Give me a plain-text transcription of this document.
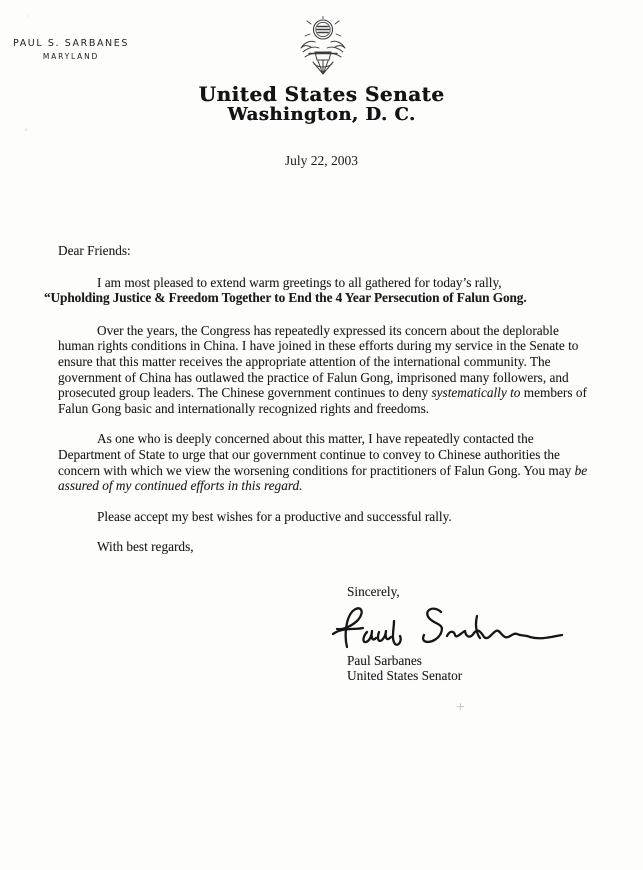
PAUL S. SARBANES
MARYLAND
United States Senate
Washington, D. C.
July 22, 2003

Dear Friends:

I am most pleased to extend warm greetings to all gathered for today’s rally,
“Upholding Justice & Freedom Together to End the 4 Year Persecution of Falun Gong.

Over the years, the Congress has repeatedly expressed its concern about the deplorable human rights conditions in China. I have joined in these efforts during my service in the Senate to ensure that this matter receives the appropriate attention of the international community. The government of China has outlawed the practice of Falun Gong, imprisoned many followers, and prosecuted group leaders. The Chinese government continues to deny systematically to members of Falun Gong basic and internationally recognized rights and freedoms.

As one who is deeply concerned about this matter, I have repeatedly contacted the Department of State to urge that our government continue to convey to Chinese authorities the concern with which we view the worsening conditions for practitioners of Falun Gong. You may be assured of my continued efforts in this regard.

Please accept my best wishes for a productive and successful rally.

With best regards,

Sincerely,
Paul Sarbanes
United States Senator
·
'
+
